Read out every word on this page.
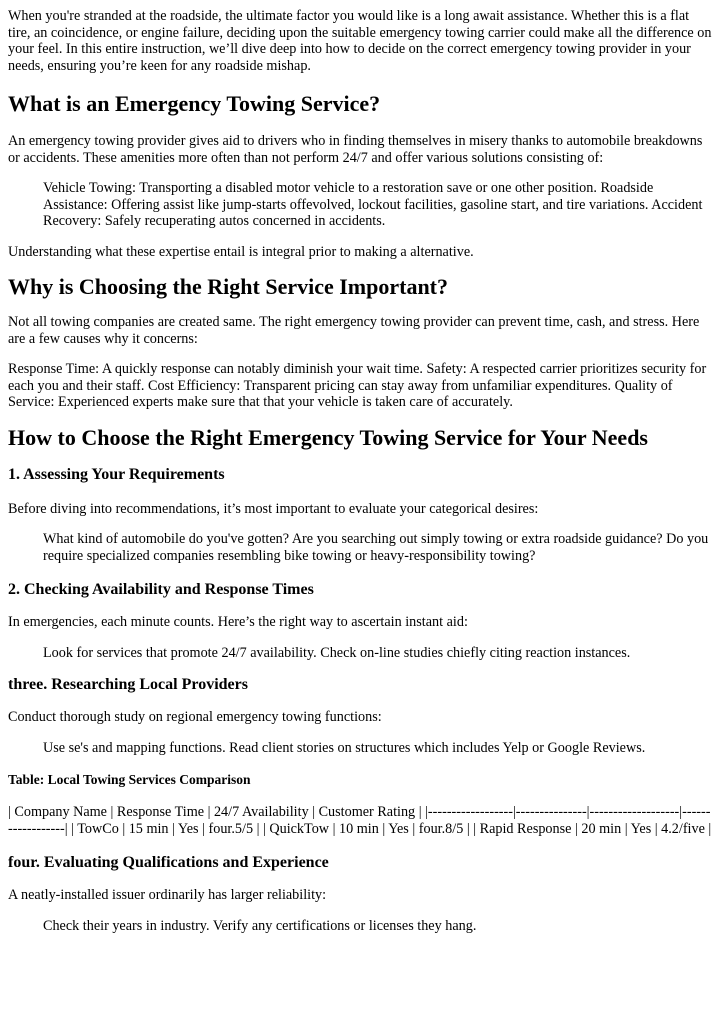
When you're stranded at the roadside, the ultimate factor you would like is a long await assistance. Whether this is a flat tire, an coincidence, or engine failure, deciding upon the suitable emergency towing carrier could make all the difference on your feel. In this entire instruction, we’ll dive deep into how to decide on the correct emergency towing provider in your needs, ensuring you’re keen for any roadside mishap.

What is an Emergency Towing Service?

An emergency towing provider gives aid to drivers who in finding themselves in misery thanks to automobile breakdowns or accidents. These amenities more often than not perform 24/7 and offer various solutions consisting of:

Vehicle Towing: Transporting a disabled motor vehicle to a restoration save or one other position. Roadside Assistance: Offering assist like jump-starts offevolved, lockout facilities, gasoline start, and tire variations. Accident Recovery: Safely recuperating autos concerned in accidents.

Understanding what these expertise entail is integral prior to making a alternative.

Why is Choosing the Right Service Important?

Not all towing companies are created same. The right emergency towing provider can prevent time, cash, and stress. Here are a few causes why it concerns:

Response Time: A quickly response can notably diminish your wait time. Safety: A respected carrier prioritizes security for each you and their staff. Cost Efficiency: Transparent pricing can stay away from unfamiliar expenditures. Quality of Service: Experienced experts make sure that that your vehicle is taken care of accurately.

How to Choose the Right Emergency Towing Service for Your Needs
1. Assessing Your Requirements

Before diving into recommendations, it’s most important to evaluate your categorical desires:

What kind of automobile do you've gotten? Are you searching out simply towing or extra roadside guidance? Do you require specialized companies resembling bike towing or heavy-responsibility towing?

2. Checking Availability and Response Times

In emergencies, each minute counts. Here’s the right way to ascertain instant aid:

Look for services that promote 24/7 availability. Check on-line studies chiefly citing reaction instances.

three. Researching Local Providers

Conduct thorough study on regional emergency towing functions:

Use se's and mapping functions. Read client stories on structures which includes Yelp or Google Reviews.

Table: Local Towing Services Comparison

| Company Name | Response Time | 24/7 Availability | Customer Rating | |------------------|---------------|-------------------|------------------| | TowCo | 15 min | Yes | four.5/5 | | QuickTow | 10 min | Yes | four.8/5 | | Rapid Response | 20 min | Yes | 4.2/five |

four. Evaluating Qualifications and Experience

A neatly-installed issuer ordinarily has larger reliability:

Check their years in industry. Verify any certifications or licenses they hang.
